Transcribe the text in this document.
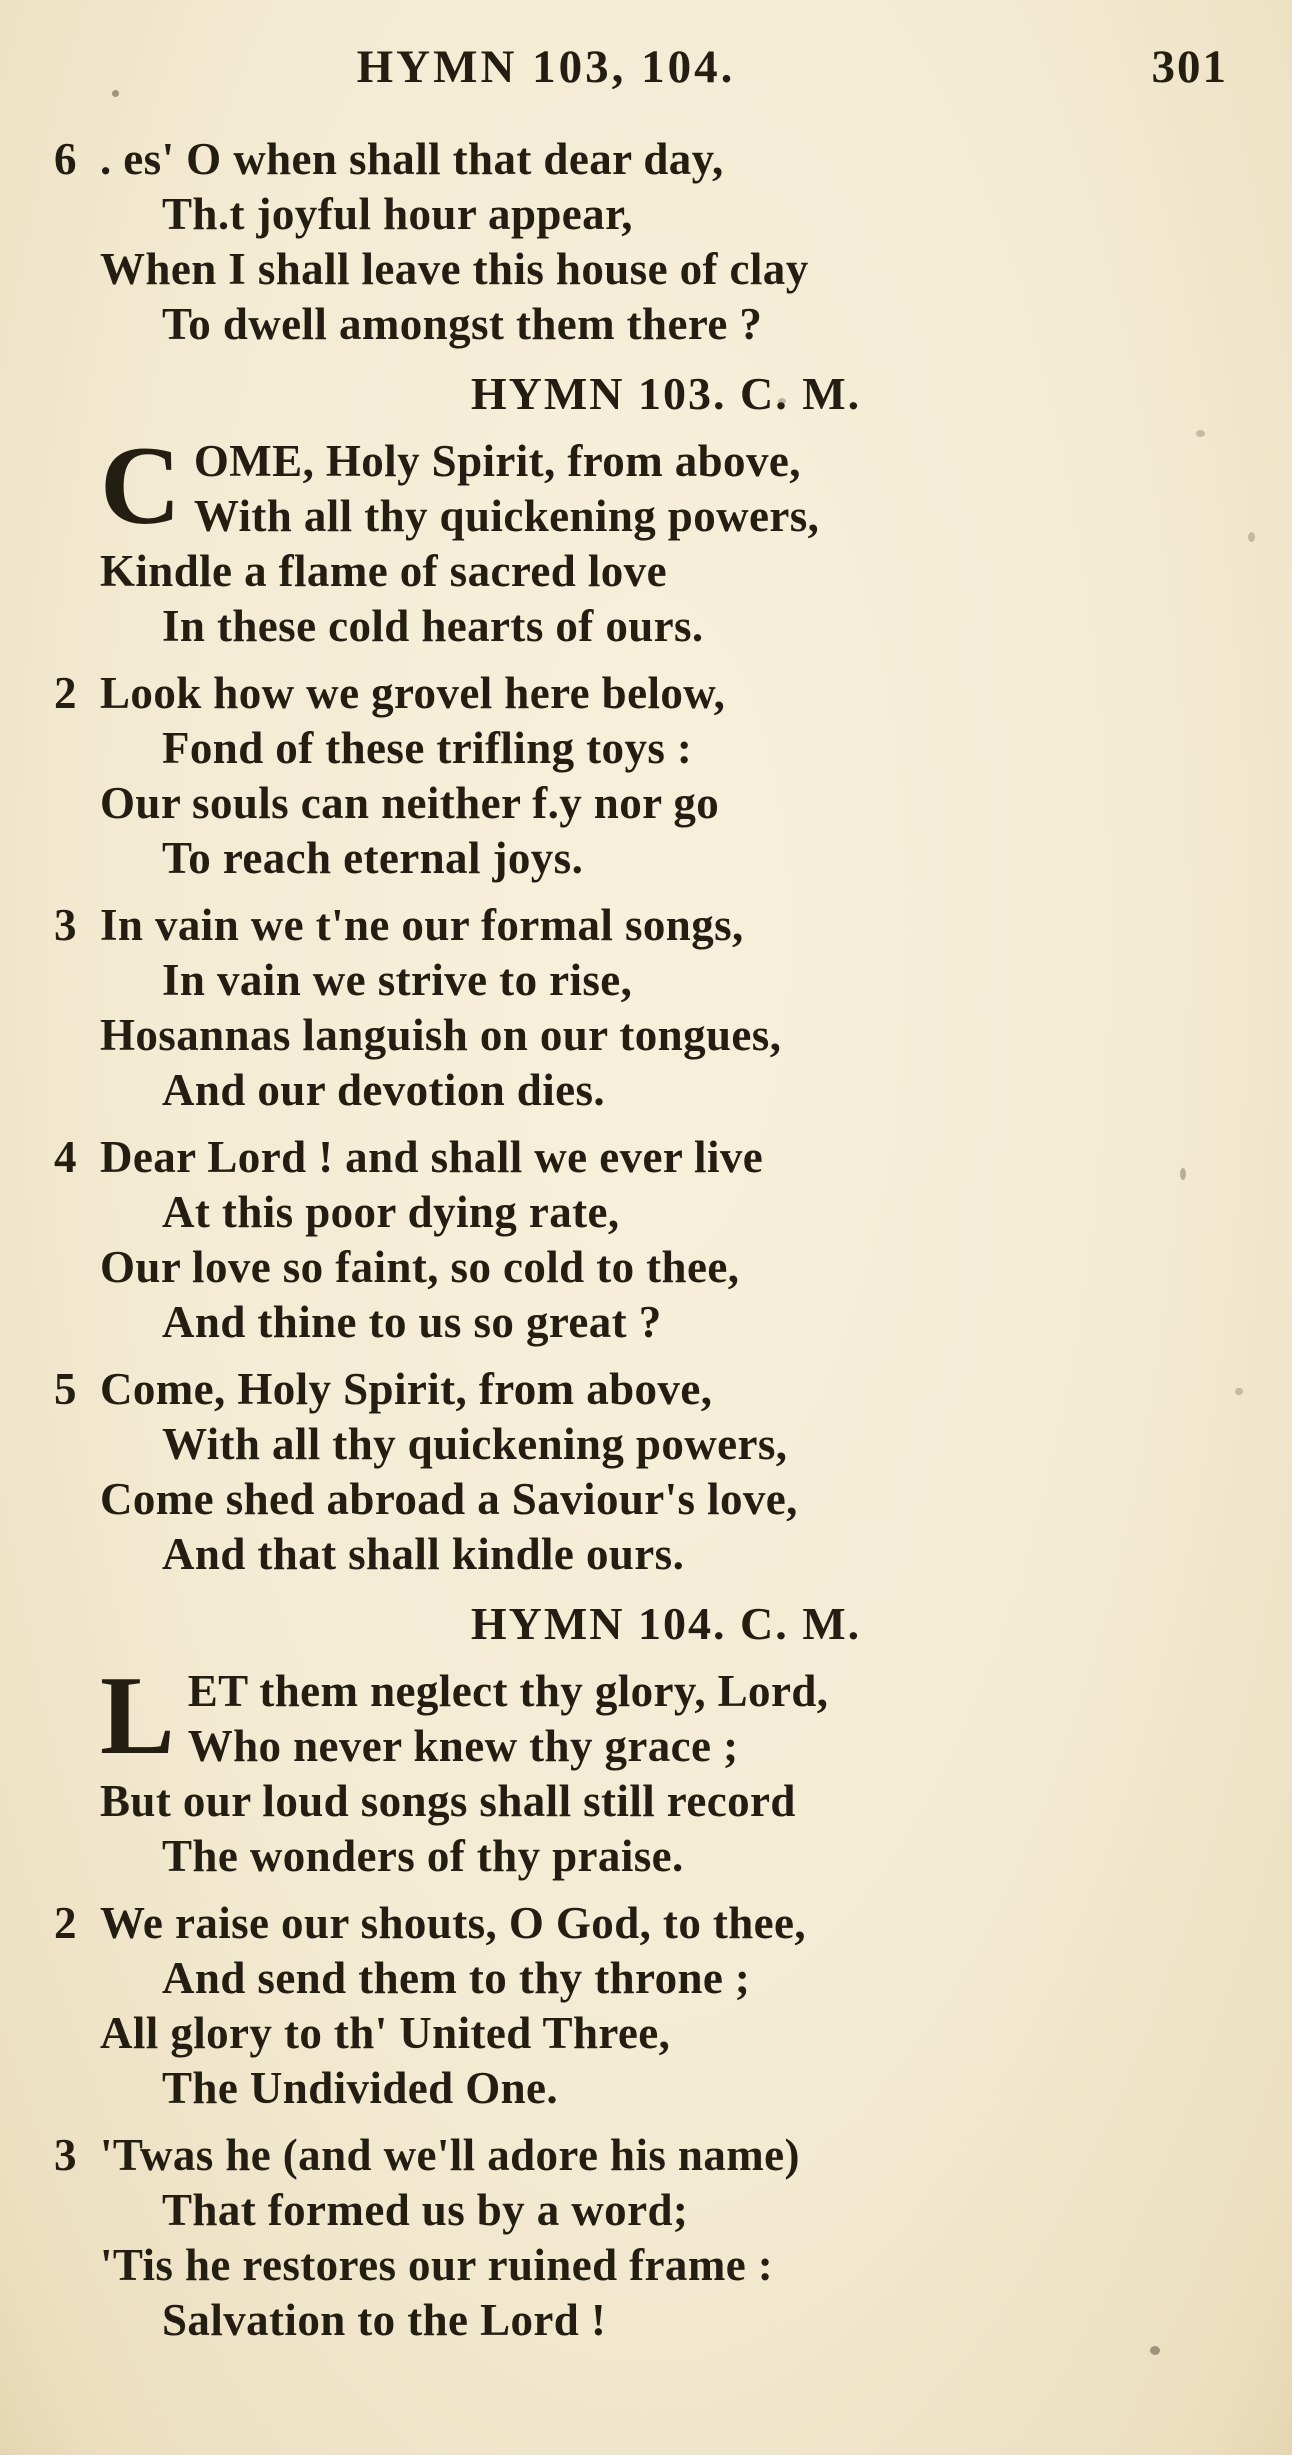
HYMN 103, 104.	301
6 . es' O when shall that dear day,
Th.t joyful hour appear,
When I shall leave this house of clay
To dwell amongst them there ?
HYMN 103. C. M.
C OME, Holy Spirit, from above,
With all thy quickening powers,
Kindle a flame of sacred love
In these cold hearts of ours.
2 Look how we grovel here below,
Fond of these trifling toys :
Our souls can neither f.y nor go
To reach eternal joys.
3 In vain we t'ne our formal songs,
In vain we strive to rise,
Hosannas languish on our tongues,
And our devotion dies.
4 Dear Lord ! and shall we ever live
At this poor dying rate,
Our love so faint, so cold to thee,
And thine to us so great ?
5 Come, Holy Spirit, from above,
With all thy quickening powers,
Come shed abroad a Saviour's love,
And that shall kindle ours.
HYMN 104. C. M.
L ET them neglect thy glory, Lord,
Who never knew thy grace ;
But our loud songs shall still record
The wonders of thy praise.
2 We raise our shouts, O God, to thee,
And send them to thy throne ;
All glory to th' United Three,
The Undivided One.
3 'Twas he (and we'll adore his name)
That formed us by a word;
'Tis he restores our ruined frame :
Salvation to the Lord !
